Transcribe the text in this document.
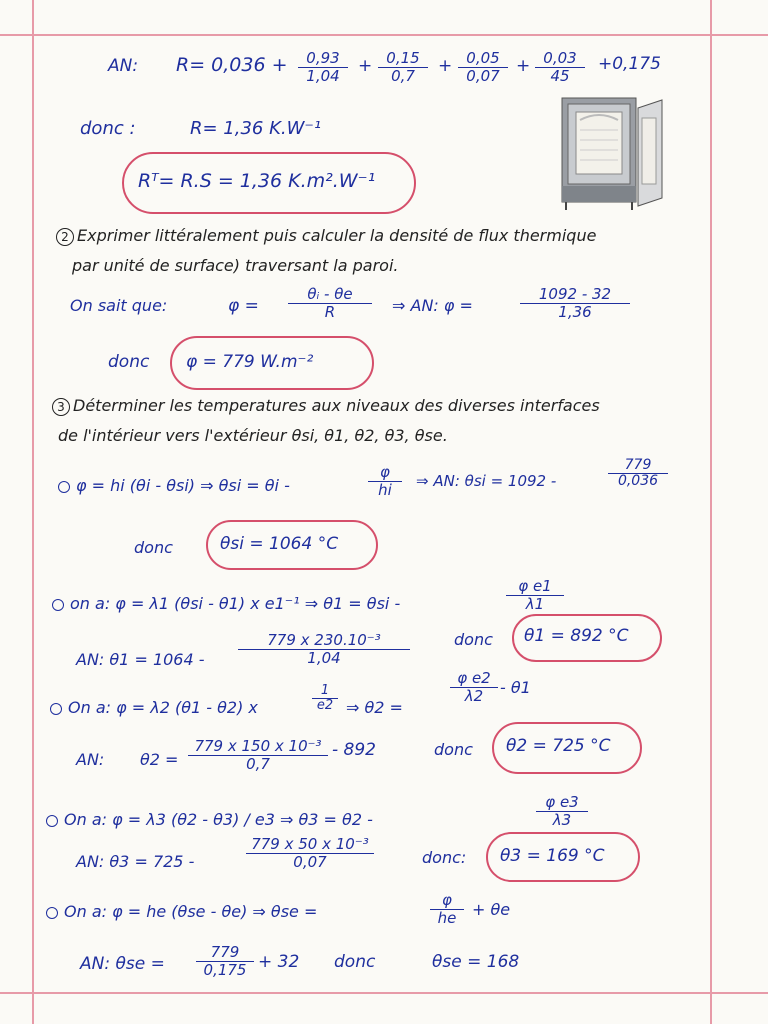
AN: $R= 0,036 + \frac{0,93}{1,04} + \frac{0,15}{0,7} + \frac{0,05}{0,07} + \frac{0,03}{45} +0,175$
donc :	R= 1,36 K.W⁻¹
Rᵀ= R.S = 1,36 K.m².W⁻¹
2 Exprimer littéralement puis calculer la densité de flux thermique
par unité de surface) traversant la paroi.
On sait que:	$\varphi = \frac{\text{θᵢ - θe}}{R}$ ⇒ AN: φ =	$\frac{1092 - 32}{1,36}$
donc φ = 779 W.m⁻²
3 Déterminer les temperatures aux niveaux des diverses interfaces
de l'intérieur vers l'extérieur θsi, θ1, θ2, θ3, θse.
φ = hi (θi - θsi) ⇒ θsi = θi -	$\frac{\varphi}{hi}$ ⇒ AN: θsi = 1092 -	$\frac{779}{0,036}$
donc	θsi = 1064 °C
on a: φ = λ1 (θsi - θ1) x e1⁻¹ ⇒ θ1 = θsi -	$\frac{\text{φ e1}}{\lambda 1}$
AN: $\theta 1 = 1064 - \frac{\text{779 x 230.10⁻³}}{1,04}$	donc θ1 = 892 °C
On a: φ = λ2 (θ1 - θ2) x	$\frac{1}{e2}$ ⇒ θ2 =
$\frac{\text{φ e2}}{\lambda 2} - \theta 1$
AN: $\theta 2 = \frac{\text{779 x 150 x 10⁻³}}{0,7} - 892$	donc θ2 = 725 °C
On a: φ = λ3 (θ2 - θ3) / e3 ⇒ θ3 = θ2 -	$\frac{\text{φ e3}}{\lambda 3}$
AN: θ3 = 725 -	$\frac{\text{779 x 50 x 10⁻³}}{0,07}$	donc: θ3 = 169 °C
On a: φ = he (θse - θe) ⇒ θse =	$\frac{\varphi}{he} + \theta e$
AN: $\theta se = \frac{779}{0,175} + 32$ donc	θse = 168
